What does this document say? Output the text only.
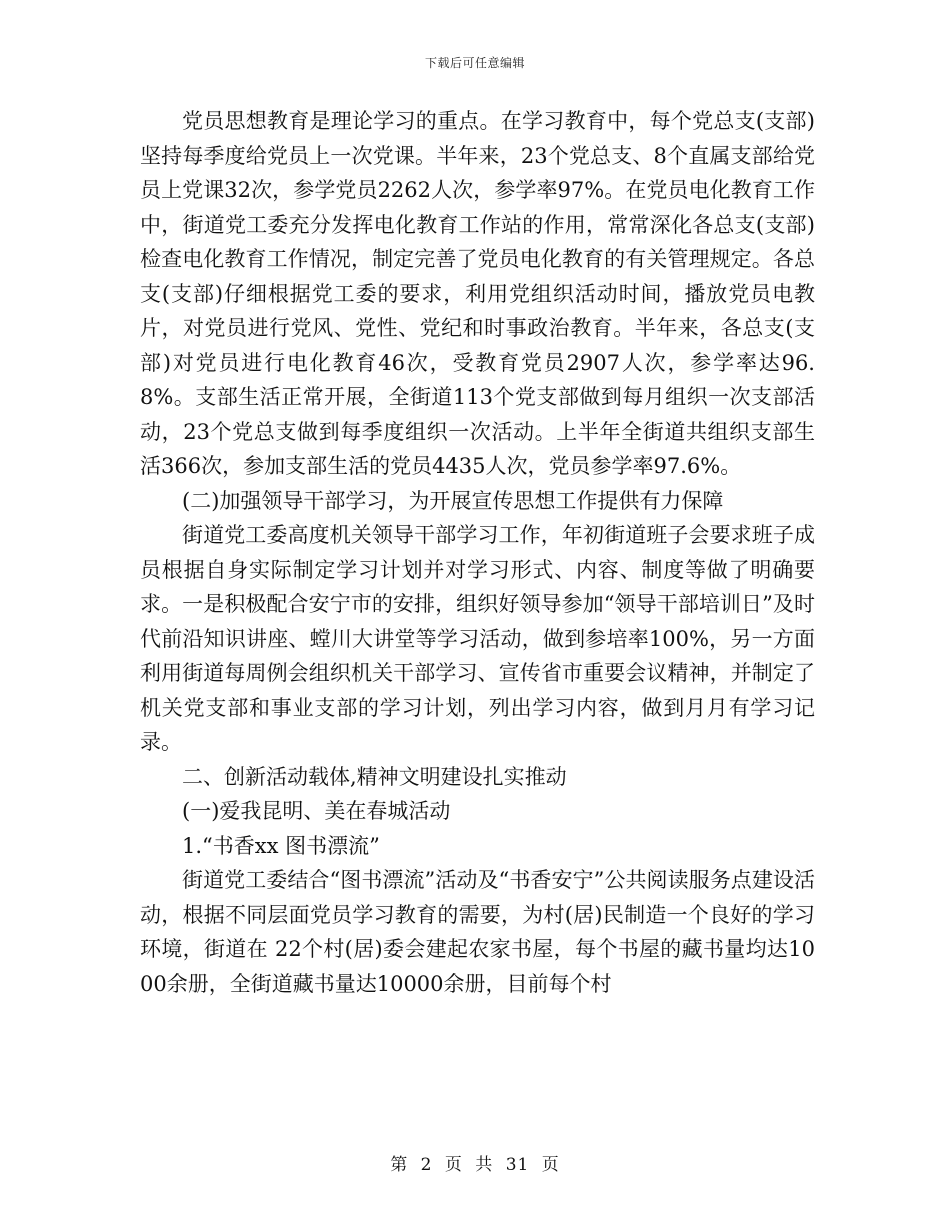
下载后可任意编辑

党员思想教育是理论学习的重点。在学习教育中，每个党总支(支部)坚持每季度给党员上一次党课。半年来，23个党总支、8个直属支部给党员上党课32次，参学党员2262人次，参学率97%。在党员电化教育工作中，街道党工委充分发挥电化教育工作站的作用，常常深化各总支(支部)检查电化教育工作情况，制定完善了党员电化教育的有关管理规定。各总支(支部)仔细根据党工委的要求，利用党组织活动时间，播放党员电教片，对党员进行党风、党性、党纪和时事政治教育。半年来，各总支(支部)对党员进行电化教育46次，受教育党员2907人次，参学率达96.8%。支部生活正常开展，全街道113个党支部做到每月组织一次支部活动，23个党总支做到每季度组织一次活动。上半年全街道共组织支部生活366次，参加支部生活的党员4435人次，党员参学率97.6%。

(二)加强领导干部学习，为开展宣传思想工作提供有力保障

街道党工委高度机关领导干部学习工作，年初街道班子会要求班子成员根据自身实际制定学习计划并对学习形式、内容、制度等做了明确要求。一是积极配合安宁市的安排，组织好领导参加“领导干部培训日”及时代前沿知识讲座、螳川大讲堂等学习活动，做到参培率100%，另一方面利用街道每周例会组织机关干部学习、宣传省市重要会议精神，并制定了机关党支部和事业支部的学习计划，列出学习内容，做到月月有学习记录。

二、创新活动载体,精神文明建设扎实推动

(一)爱我昆明、美在春城活动

1.“书香xx 图书漂流”

街道党工委结合“图书漂流”活动及“书香安宁”公共阅读服务点建设活动，根据不同层面党员学习教育的需要，为村(居)民制造一个良好的学习环境，街道在 22个村(居)委会建起农家书屋，每个书屋的藏书量均达1000余册，全街道藏书量达10000余册，目前每个村

第 2 页 共 31 页
